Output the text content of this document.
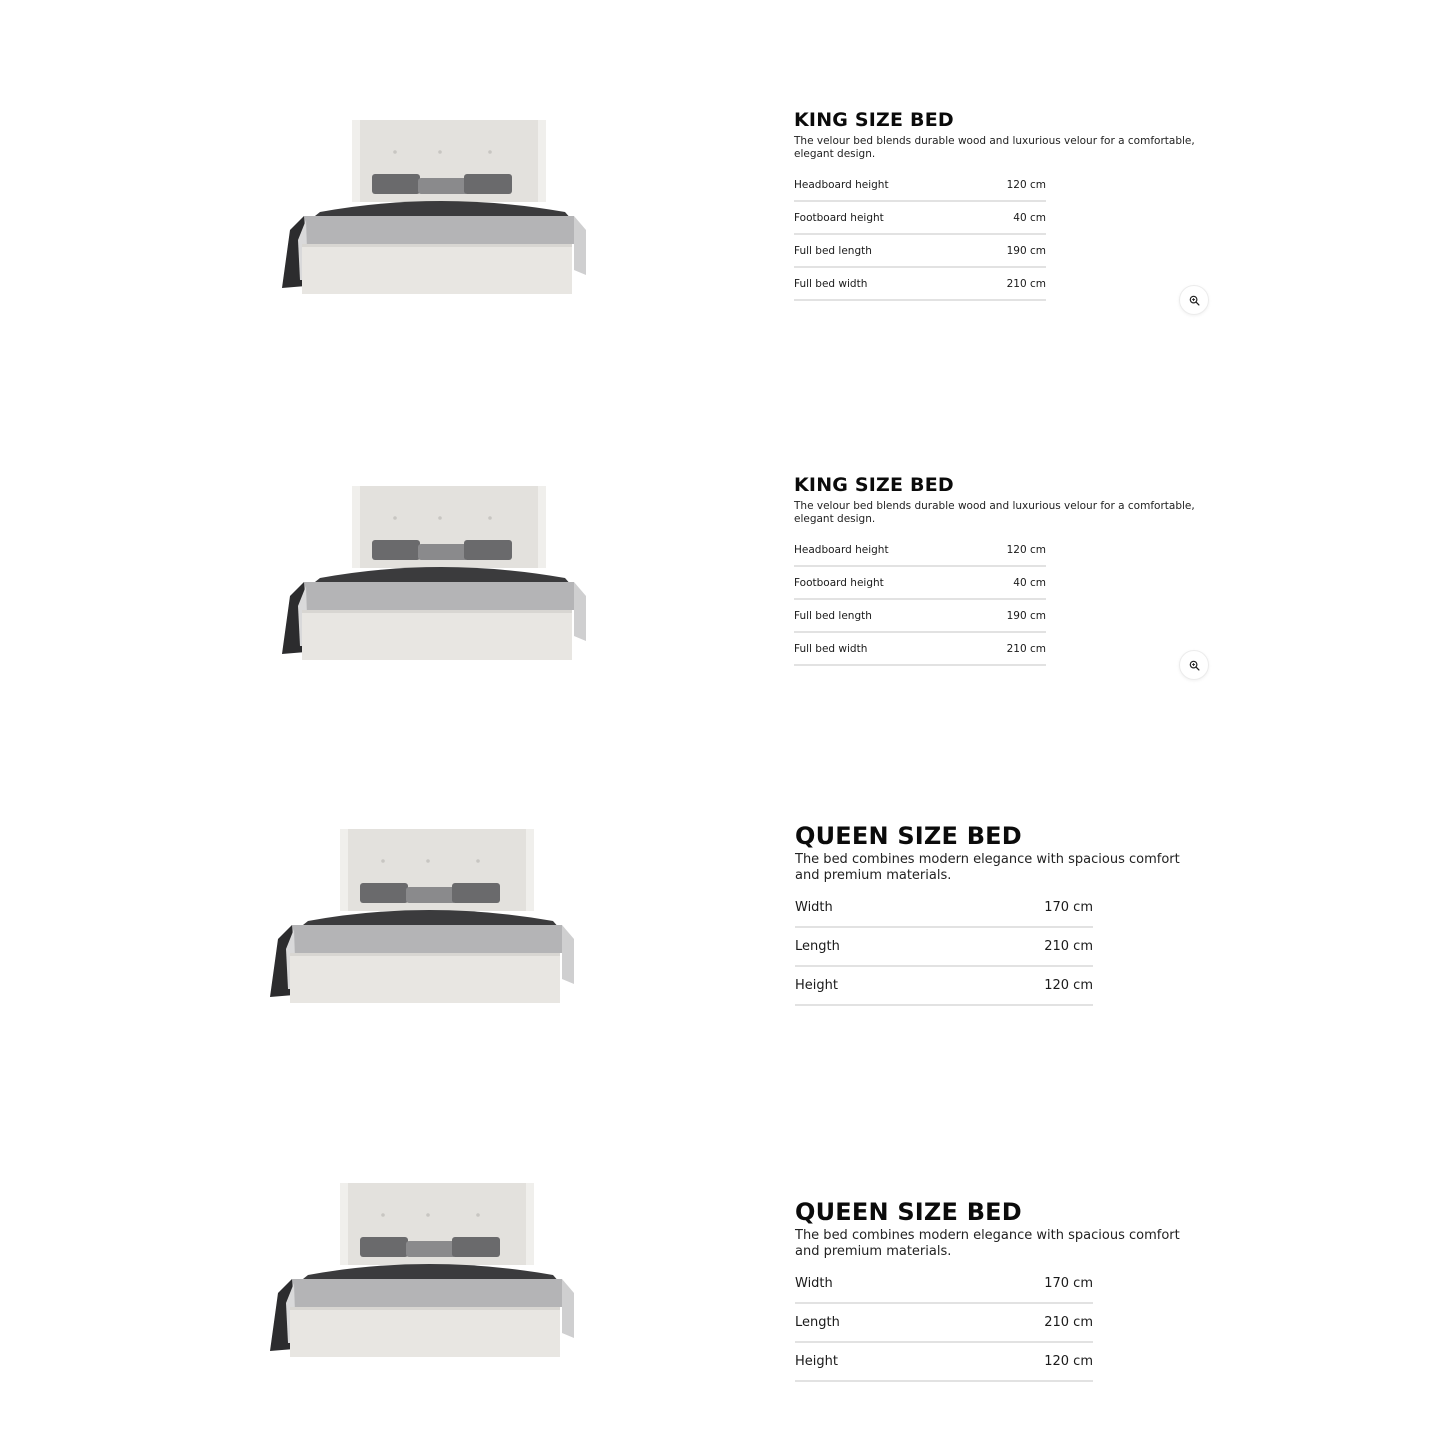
KING SIZE BED

The velour bed blends durable wood and luxurious velour for a comfortable, elegant design.

Headboard height	120 cm
Footboard height	40 cm
Full bed length	190 cm
Full bed width	210 cm
KING SIZE BED

The velour bed blends durable wood and luxurious velour for a comfortable, elegant design.

Headboard height	120 cm
Footboard height	40 cm
Full bed length	190 cm
Full bed width	210 cm
QUEEN SIZE BED

The bed combines modern elegance with spacious comfort and premium materials.

Width	170 cm
Length	210 cm
Height	120 cm
QUEEN SIZE BED

The bed combines modern elegance with spacious comfort and premium materials.

Width	170 cm
Length	210 cm
Height	120 cm
